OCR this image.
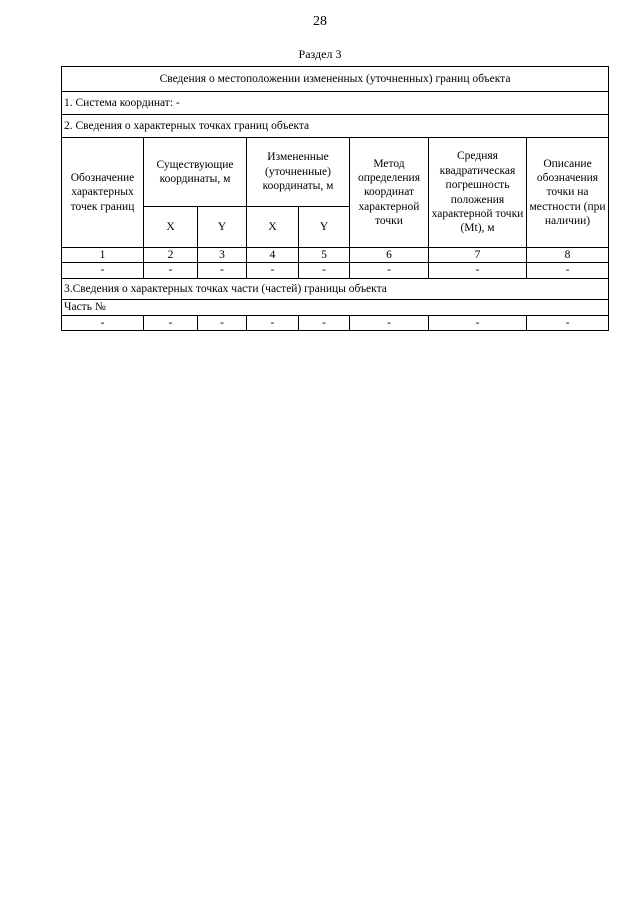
28
Раздел 3
Сведения о местоположении измененных (уточненных) границ объекта							
1. Система координат: -							
2. Сведения о характерных точках границ объекта							
Обозначение характерных точек границ	Существующие координаты, м		Измененные (уточненные) координаты, м		Метод определения координат характерной точки	Средняя квадратическая погрешность положения характерной точки (Mt), м	Описание обозначения точки на местности (при наличии)
	X	Y	X	Y			
1	2	3	4	5	6	7	8
-	-	-	-	-	-	-	-
3.Сведения о характерных точках части (частей) границы объекта							
Часть №							
-	-	-	-	-	-	-	-
